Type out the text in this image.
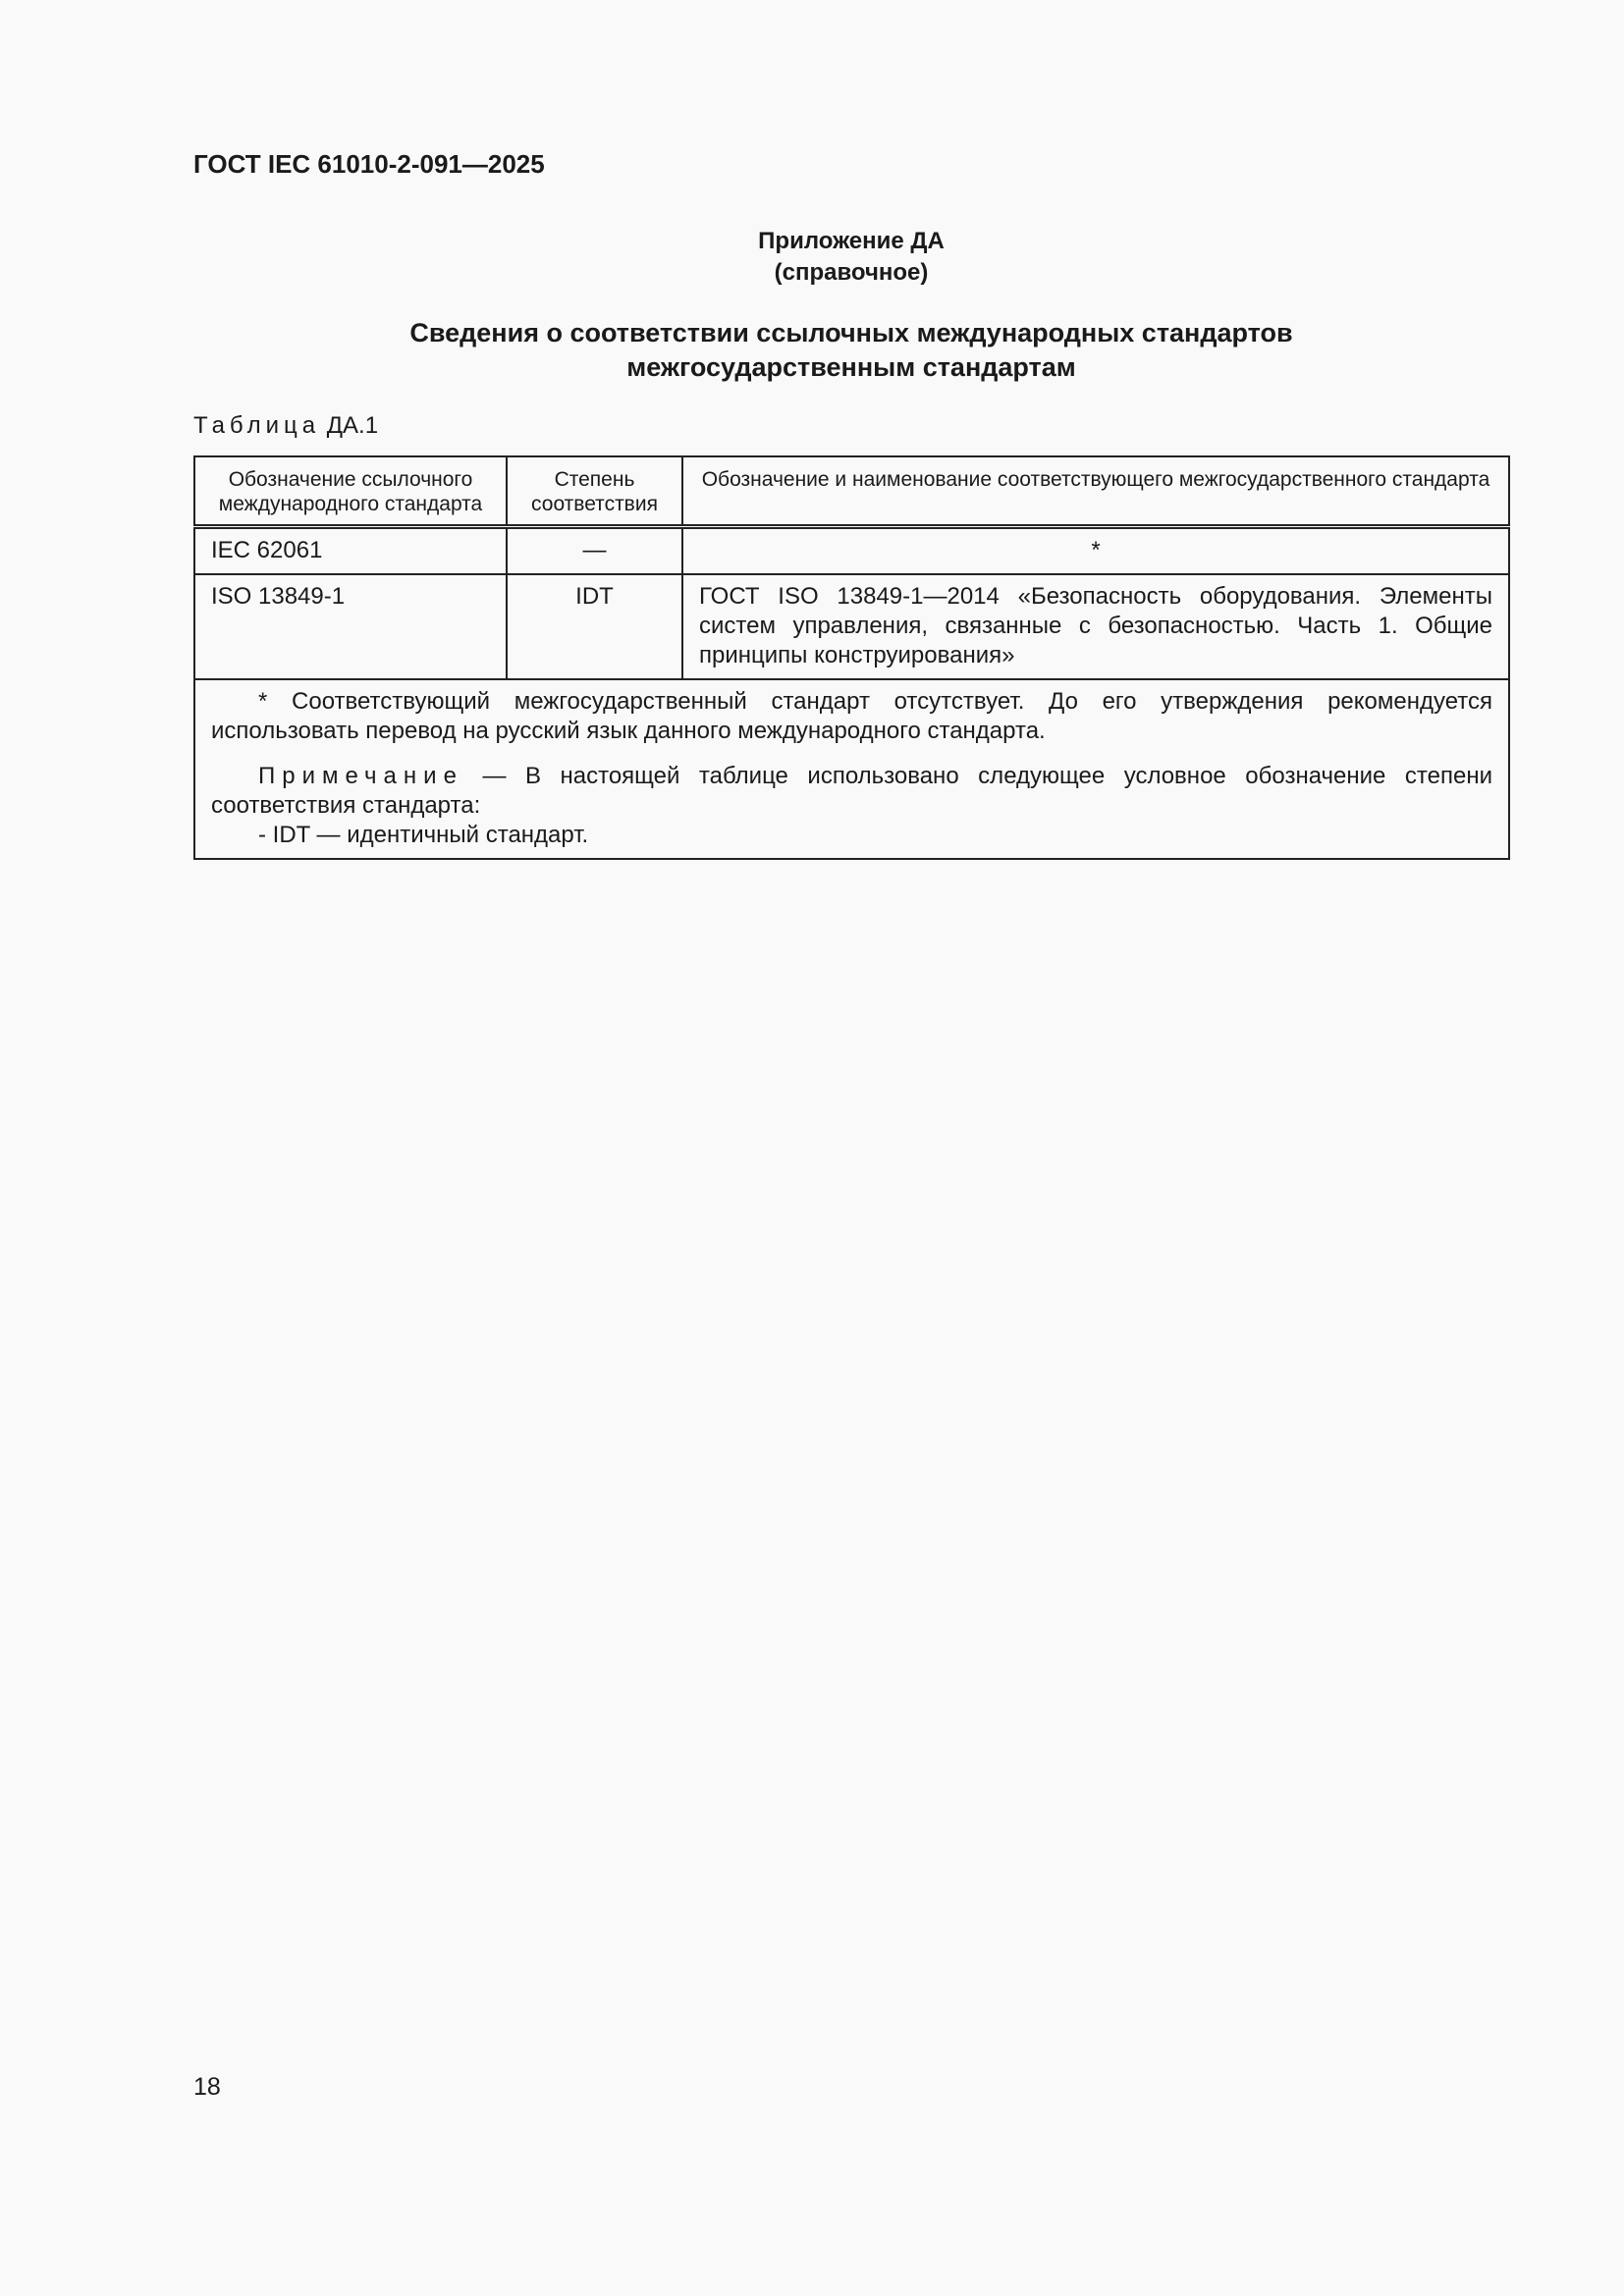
ГОСТ IEC 61010-2-091—2025
Приложение ДА
(справочное)
Сведения о соответствии ссылочных международных стандартов
межгосударственным стандартам
Таблица ДА.1
Обозначение ссылочного международного стандарта	Степень соответствия	Обозначение и наименование соответствующего межгосударственного стандарта
IEC 62061	—	*
ISO 13849-1	IDT	ГОСТ ISO 13849-1—2014 «Безопасность оборудования. Элементы систем управления, связанные с безопасностью. Часть 1. Общие принципы конструирования»

* Соответствующий межгосударственный стандарт отсутствует. До его утверждения рекомендуется использовать перевод на русский язык данного международного стандарта.

Примечание — В настоящей таблице использовано следующее условное обозначение степени соответствия стандарта:

- IDT — идентичный стандарт.		

18
